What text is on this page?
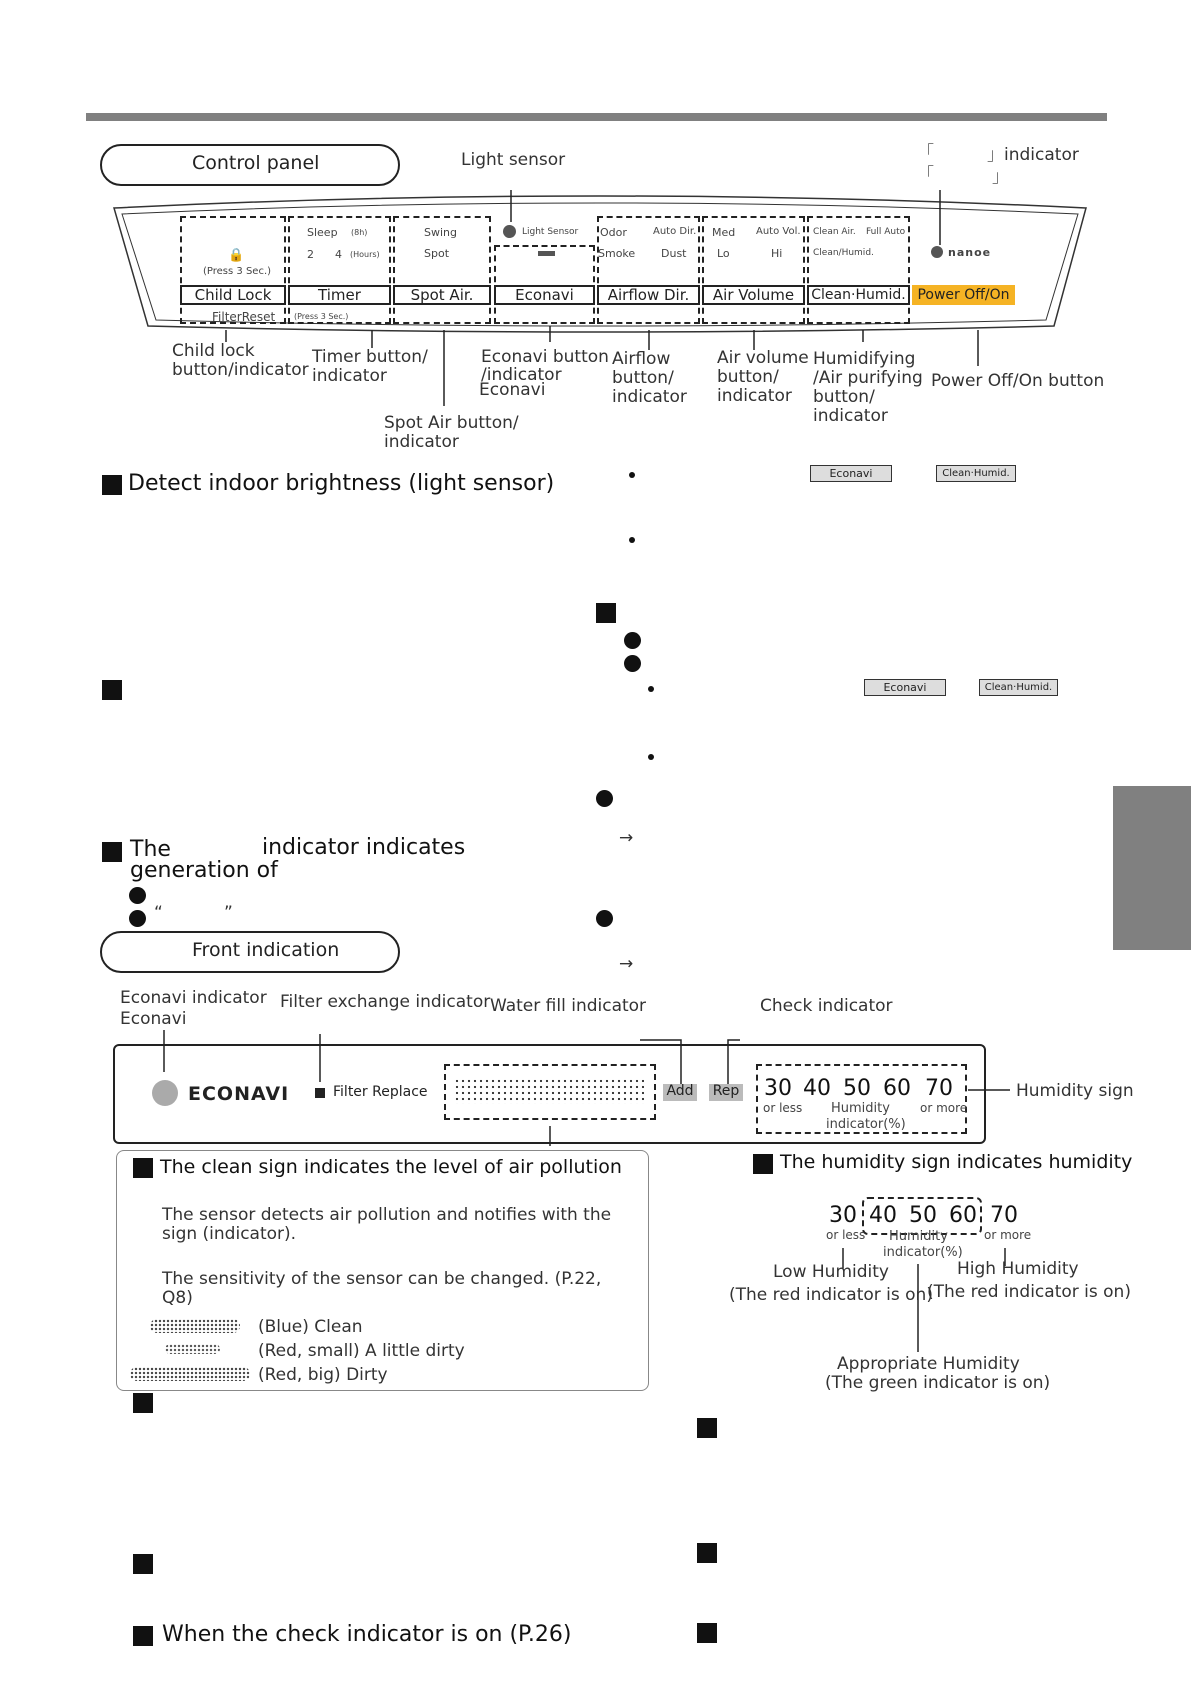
Control panel	Light sensor	「	」indicator
「	」
🔒
(Press 3 Sec.)
Sleep (8h)
2 4 (Hours)
Swing
Spot
Light Sensor Odor	Auto Dir.
Smoke Dust
Med Auto Vol.
Lo	Hi
Clean Air. Full Auto
Clean/Humid.	nanoe
Child Lock	Timer	Spot Air.	Econavi	Airflow Dir.	Air Volume	Clean·Humid. Power Off/On
FilterReset (Press 3 Sec.)
Child lock
button/indicator
Timer button/
indicator
Econavi button
/indicator
Econavi
Airflow
button/
indicator
Air volume
button/
indicator
Humidifying
/Air purifying
button/
indicator
Power Off/On button
Spot Air button/
indicator
Detect indoor brightness (light sensor)
The	indicator indicates
generation of
“	”
Econavi	Clean·Humid.
Econavi	Clean·Humid.
→
→
Front indication
Econavi indicator
Econavi
Filter exchange indicator Water fill indicator	Check indicator
Humidity sign
ECONAVI	Filter Replace	Add Rep 30 40 50 60 70
or less	or more
Humidity
indicator(%)
The clean sign indicates the level of air pollution
The sensor detects air pollution and notifies with the sign (indicator).
The sensitivity of the sensor can be changed. (P.22, Q8)
(Blue) Clean
(Red, small) A little dirty
(Red, big) Dirty
The humidity sign indicates humidity
30 40 50 60 70
or less	or more
Humidity
indicator(%)
Low Humidity
(The red indicator is on)
High Humidity
(The red indicator is on)
Appropriate Humidity
(The green indicator is on)
When the check indicator is on (P.26)
